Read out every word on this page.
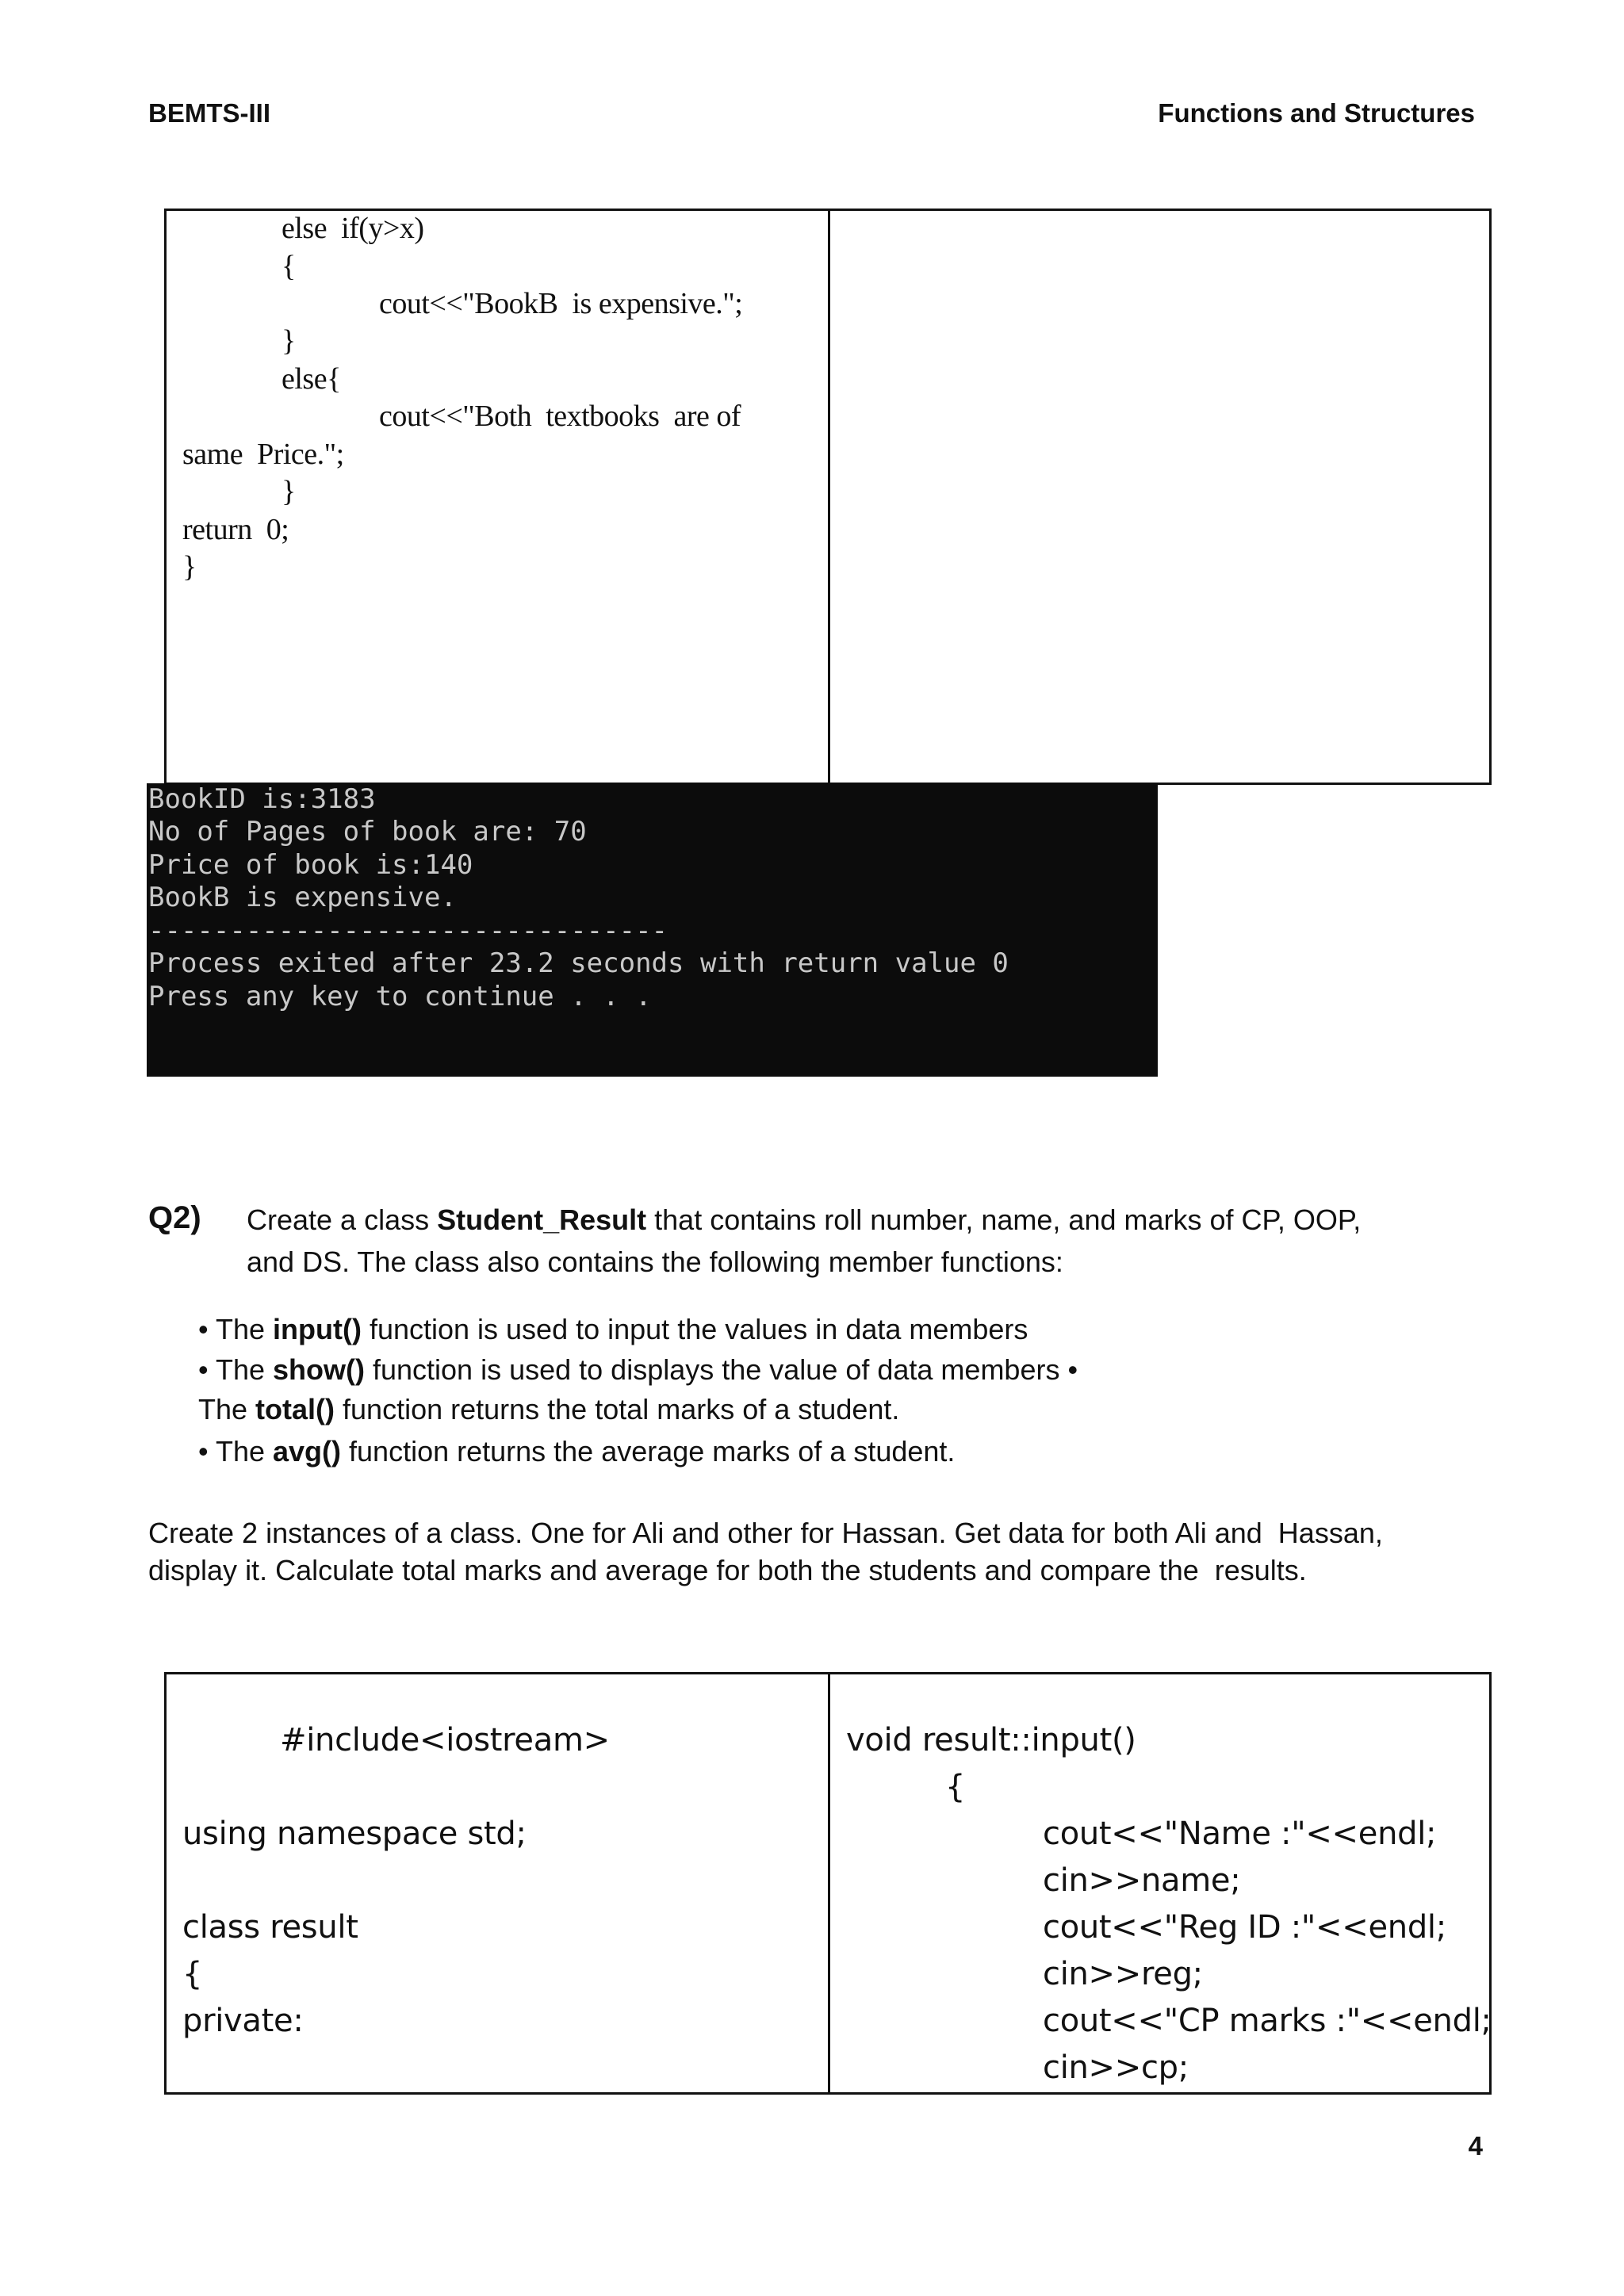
BEMTS-III	Functions and Structures
else  if(y>x)
{
cout<<"BookB  is expensive.";
}
else{
cout<<"Both  textbooks  are of
same  Price.";
}
return  0;
}
BookID is:3183
No of Pages of book are: 70
Price of book is:140
BookB is expensive.
--------------------------------
Process exited after 23.2 seconds with return value 0
Press any key to continue . . .
Q2) Create a class Student_Result that contains roll number, name, and marks of CP, OOP,
and DS. The class also contains the following member functions:
• The input() function is used to input the values in data members
• The show() function is used to displays the value of data members •
The total() function returns the total marks of a student.
• The avg() function returns the average marks of a student.
Create 2 instances of a class. One for Ali and other for Hassan. Get data for both Ali and  Hassan,
display it. Calculate total marks and average for both the students and compare the  results.
#include<iostream>
using namespace std;
class result
{
private:
void result::input()
{
cout<<"Name :"<<endl;
cin>>name;
cout<<"Reg ID :"<<endl;
cin>>reg;
cout<<"CP marks :"<<endl;
cin>>cp;
4
